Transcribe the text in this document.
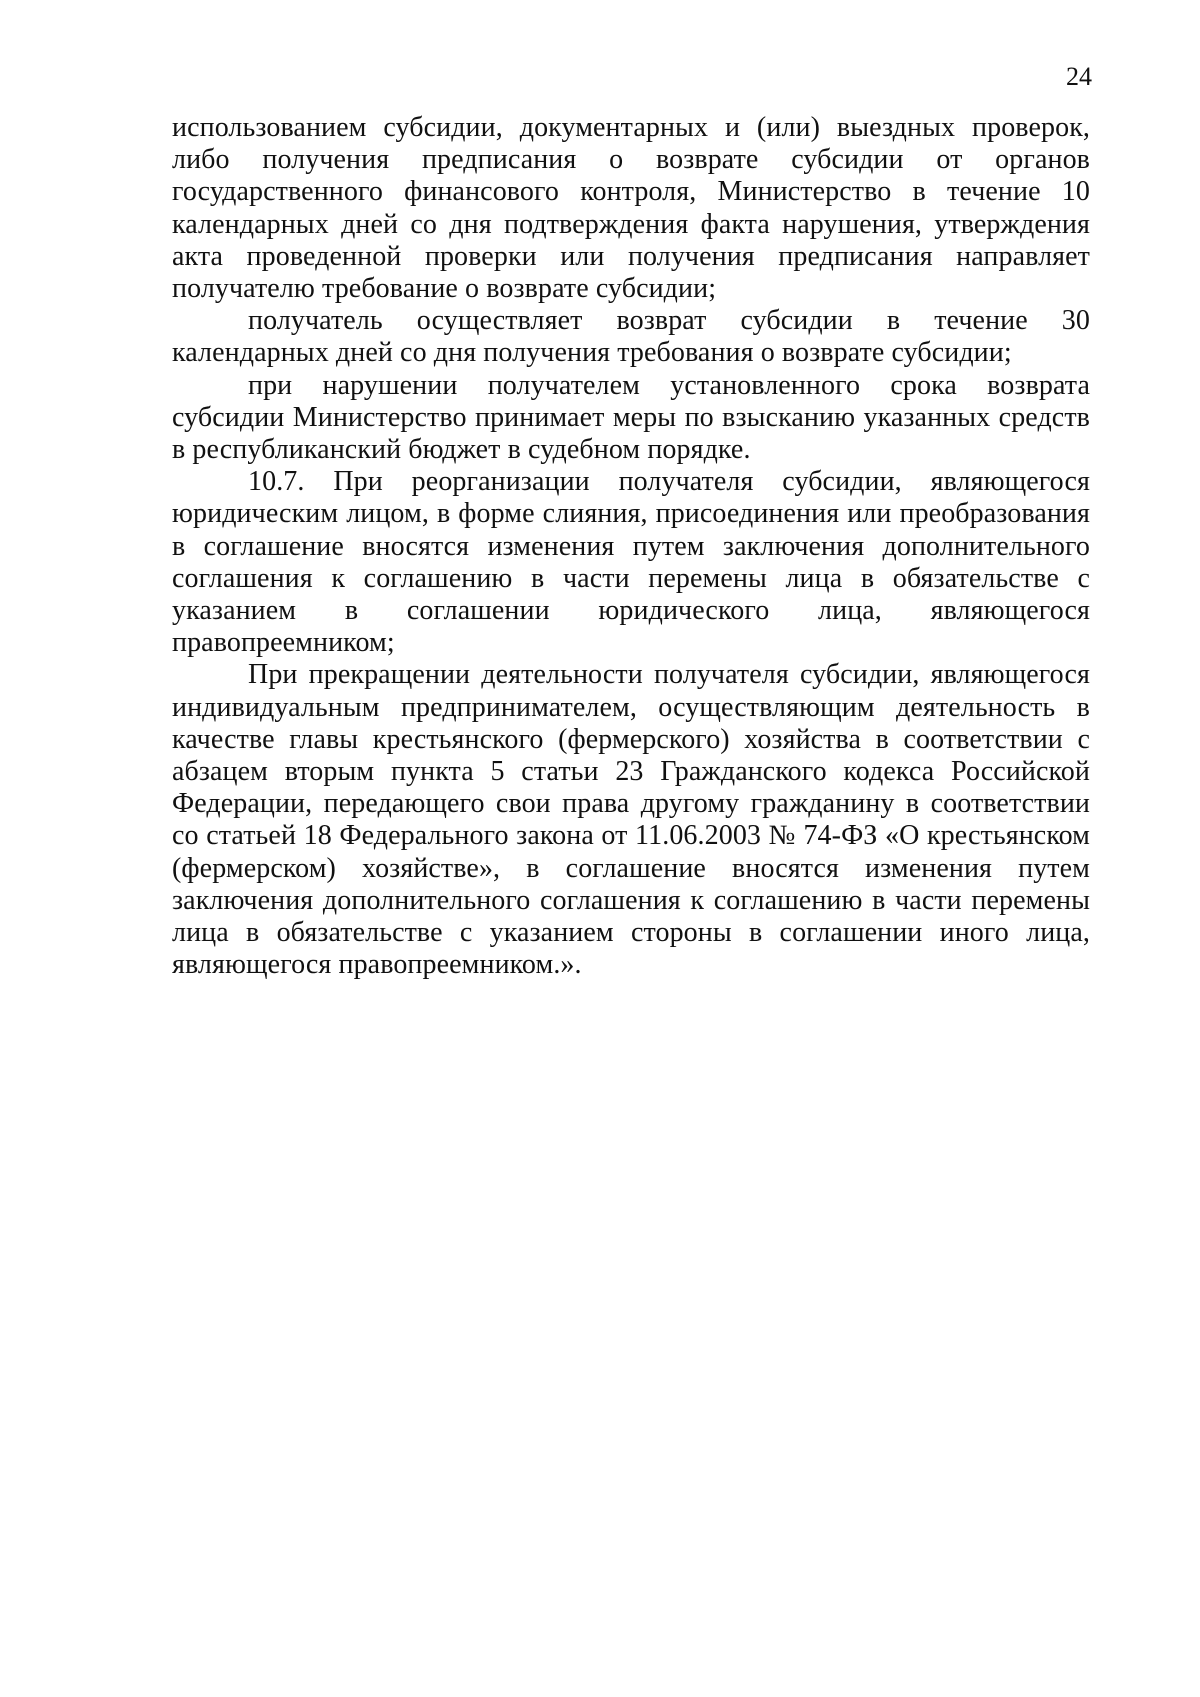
24

использованием субсидии, документарных и (или) выездных проверок, либо получения предписания о возврате субсидии от органов государственного финансового контроля, Министерство в течение 10 календарных дней со дня подтверждения факта нарушения, утверждения акта проведенной проверки или получения предписания направляет получателю требование о возврате субсидии;

получатель осуществляет возврат субсидии в течение 30 календарных дней со дня получения требования о возврате субсидии;

при нарушении получателем установленного срока возврата субсидии Министерство принимает меры по взысканию указанных средств в республиканский бюджет в судебном порядке.

10.7. При реорганизации получателя субсидии, являющегося юридическим лицом, в форме слияния, присоединения или преобразования в соглашение вносятся изменения путем заключения дополнительного соглашения к соглашению в части перемены лица в обязательстве с указанием в соглашении юридического лица, являющегося правопреемником;

При прекращении деятельности получателя субсидии, являющегося индивидуальным предпринимателем, осуществляющим деятельность в качестве главы крестьянского (фермерского) хозяйства в соответствии с абзацем вторым пункта 5 статьи 23 Гражданского кодекса Российской Федерации, передающего свои права другому гражданину в соответствии со статьей 18 Федерального закона от 11.06.2003 № 74-ФЗ «О крестьянском (фермерском) хозяйстве», в соглашение вносятся изменения путем заключения дополнительного соглашения к соглашению в части перемены лица в обязательстве с указанием стороны в соглашении иного лица, являющегося правопреемником.».
